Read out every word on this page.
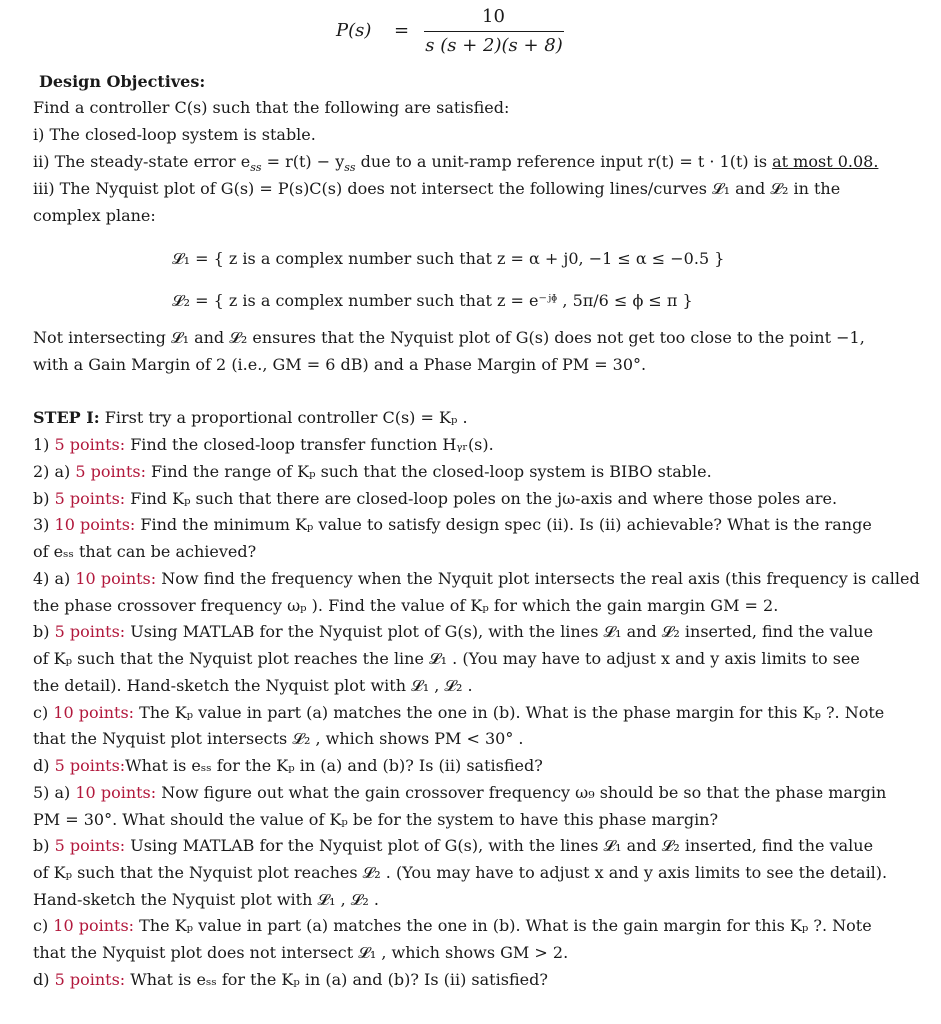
P(s) =
10
s (s + 2)(s + 8)
Design Objectives:
Find a controller C(s) such that the following are satisfied:
i) The closed-loop system is stable.
ii) The steady-state error $e_{ss} = r(t) - y_{ss}$ due to a unit-ramp reference input r(t) = t · 1(t) is at most 0.08.
iii) The Nyquist plot of G(s) = P(s)C(s) does not intersect the following lines/curves 𝓛₁ and 𝓛₂ in the
complex plane:
𝓛₁ = { z is a complex number such that z = α + j0, −1 ≤ α ≤ −0.5 }
𝓛₂ = { z is a complex number such that z = e⁻ʲᶲ , 5π/6 ≤ ϕ ≤ π }
Not intersecting 𝓛₁ and 𝓛₂ ensures that the Nyquist plot of G(s) does not get too close to the point −1,
with a Gain Margin of 2 (i.e., GM = 6 dB) and a Phase Margin of PM = 30°.
STEP I: First try a proportional controller C(s) = Kₚ .
1) 5 points: Find the closed-loop transfer function Hᵧᵣ(s).
2) a) 5 points: Find the range of Kₚ such that the closed-loop system is BIBO stable.
b) 5 points: Find Kₚ such that there are closed-loop poles on the jω-axis and where those poles are.
3) 10 points: Find the minimum Kₚ value to satisfy design spec (ii). Is (ii) achievable? What is the range
of eₛₛ that can be achieved?
4) a) 10 points: Now find the frequency when the Nyquit plot intersects the real axis (this frequency is called
the phase crossover frequency ωₚ ). Find the value of Kₚ for which the gain margin GM = 2.
b) 5 points: Using MATLAB for the Nyquist plot of G(s), with the lines 𝓛₁ and 𝓛₂ inserted, find the value
of Kₚ such that the Nyquist plot reaches the line 𝓛₁ . (You may have to adjust x and y axis limits to see
the detail). Hand-sketch the Nyquist plot with 𝓛₁ , 𝓛₂ .
c) 10 points: The Kₚ value in part (a) matches the one in (b). What is the phase margin for this Kₚ ?. Note
that the Nyquist plot intersects 𝓛₂ , which shows PM < 30° .
d) 5 points:What is eₛₛ for the Kₚ in (a) and (b)? Is (ii) satisfied?
5) a) 10 points: Now figure out what the gain crossover frequency ω₉ should be so that the phase margin
PM = 30°. What should the value of Kₚ be for the system to have this phase margin?
b) 5 points: Using MATLAB for the Nyquist plot of G(s), with the lines 𝓛₁ and 𝓛₂ inserted, find the value
of Kₚ such that the Nyquist plot reaches 𝓛₂ . (You may have to adjust x and y axis limits to see the detail).
Hand-sketch the Nyquist plot with 𝓛₁ , 𝓛₂ .
c) 10 points: The Kₚ value in part (a) matches the one in (b). What is the gain margin for this Kₚ ?. Note
that the Nyquist plot does not intersect 𝓛₁ , which shows GM > 2.
d) 5 points: What is eₛₛ for the Kₚ in (a) and (b)? Is (ii) satisfied?
